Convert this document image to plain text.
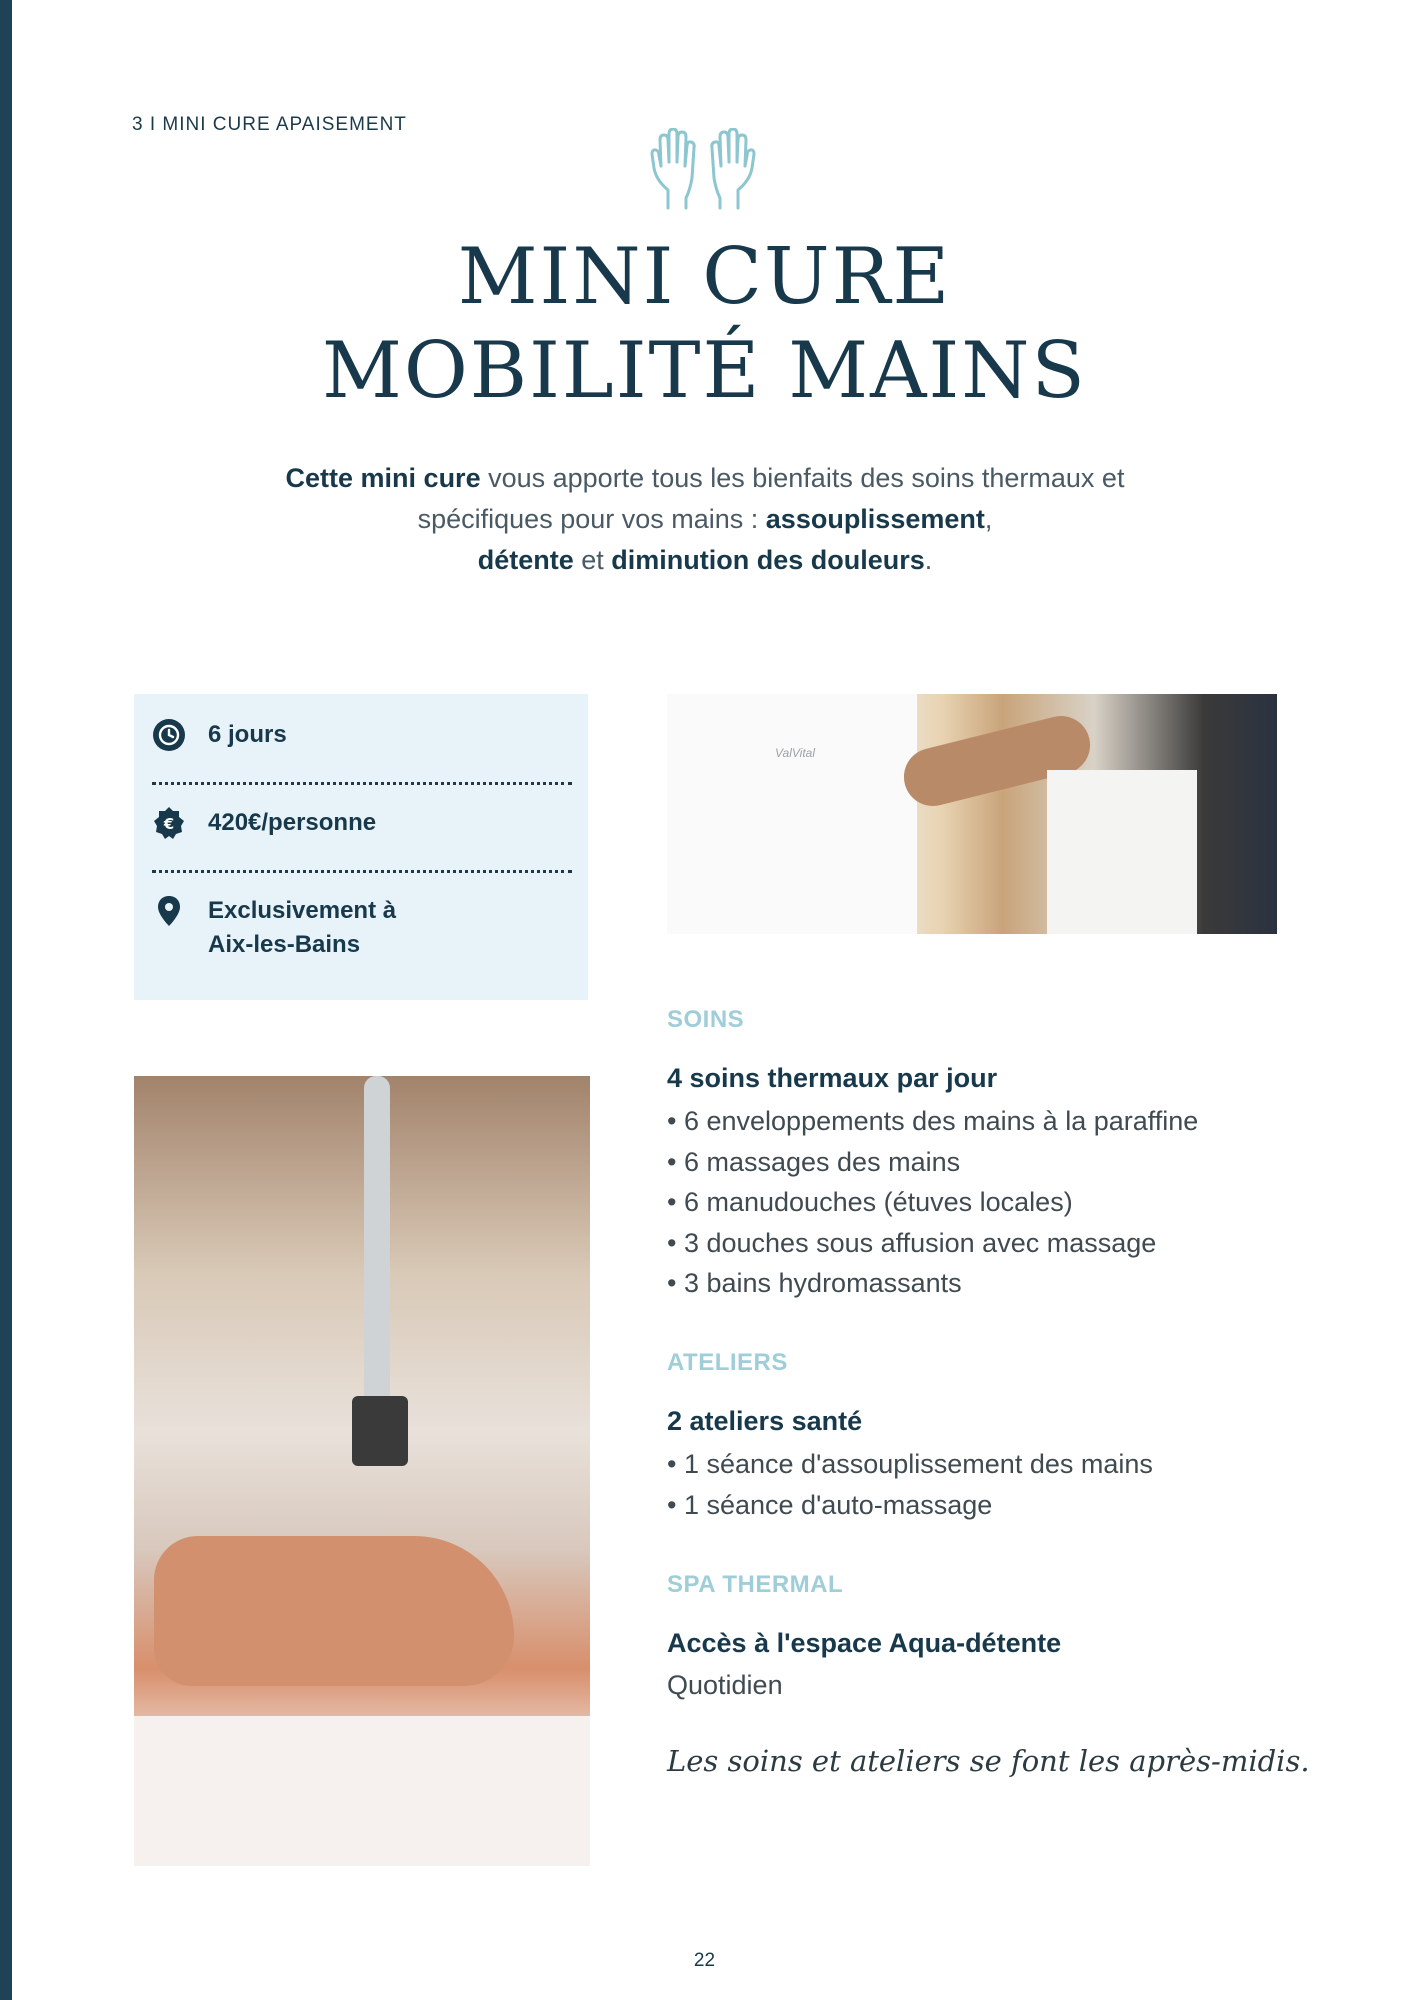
3 I MINI CURE APAISEMENT
MINI CURE
MOBILITÉ MAINS

Cette mini cure vous apporte tous les bienfaits des soins thermaux et spécifiques pour vos mains : assouplissement,
détente et diminution des douleurs.

6 jours
€ 420€/personne
Exclusivement à
Aix-les-Bains
ValVital
SOINS
4 soins thermaux par jour
• 6 enveloppements des mains à la paraffine
• 6 massages des mains
• 6 manudouches (étuves locales)
• 3 douches sous affusion avec massage
• 3 bains hydromassants
ATELIERS
2 ateliers santé
• 1 séance d'assouplissement des mains
• 1 séance d'auto-massage
SPA THERMAL
Accès à l'espace Aqua-détente
Quotidien
Les soins et ateliers se font les après-midis.
22
